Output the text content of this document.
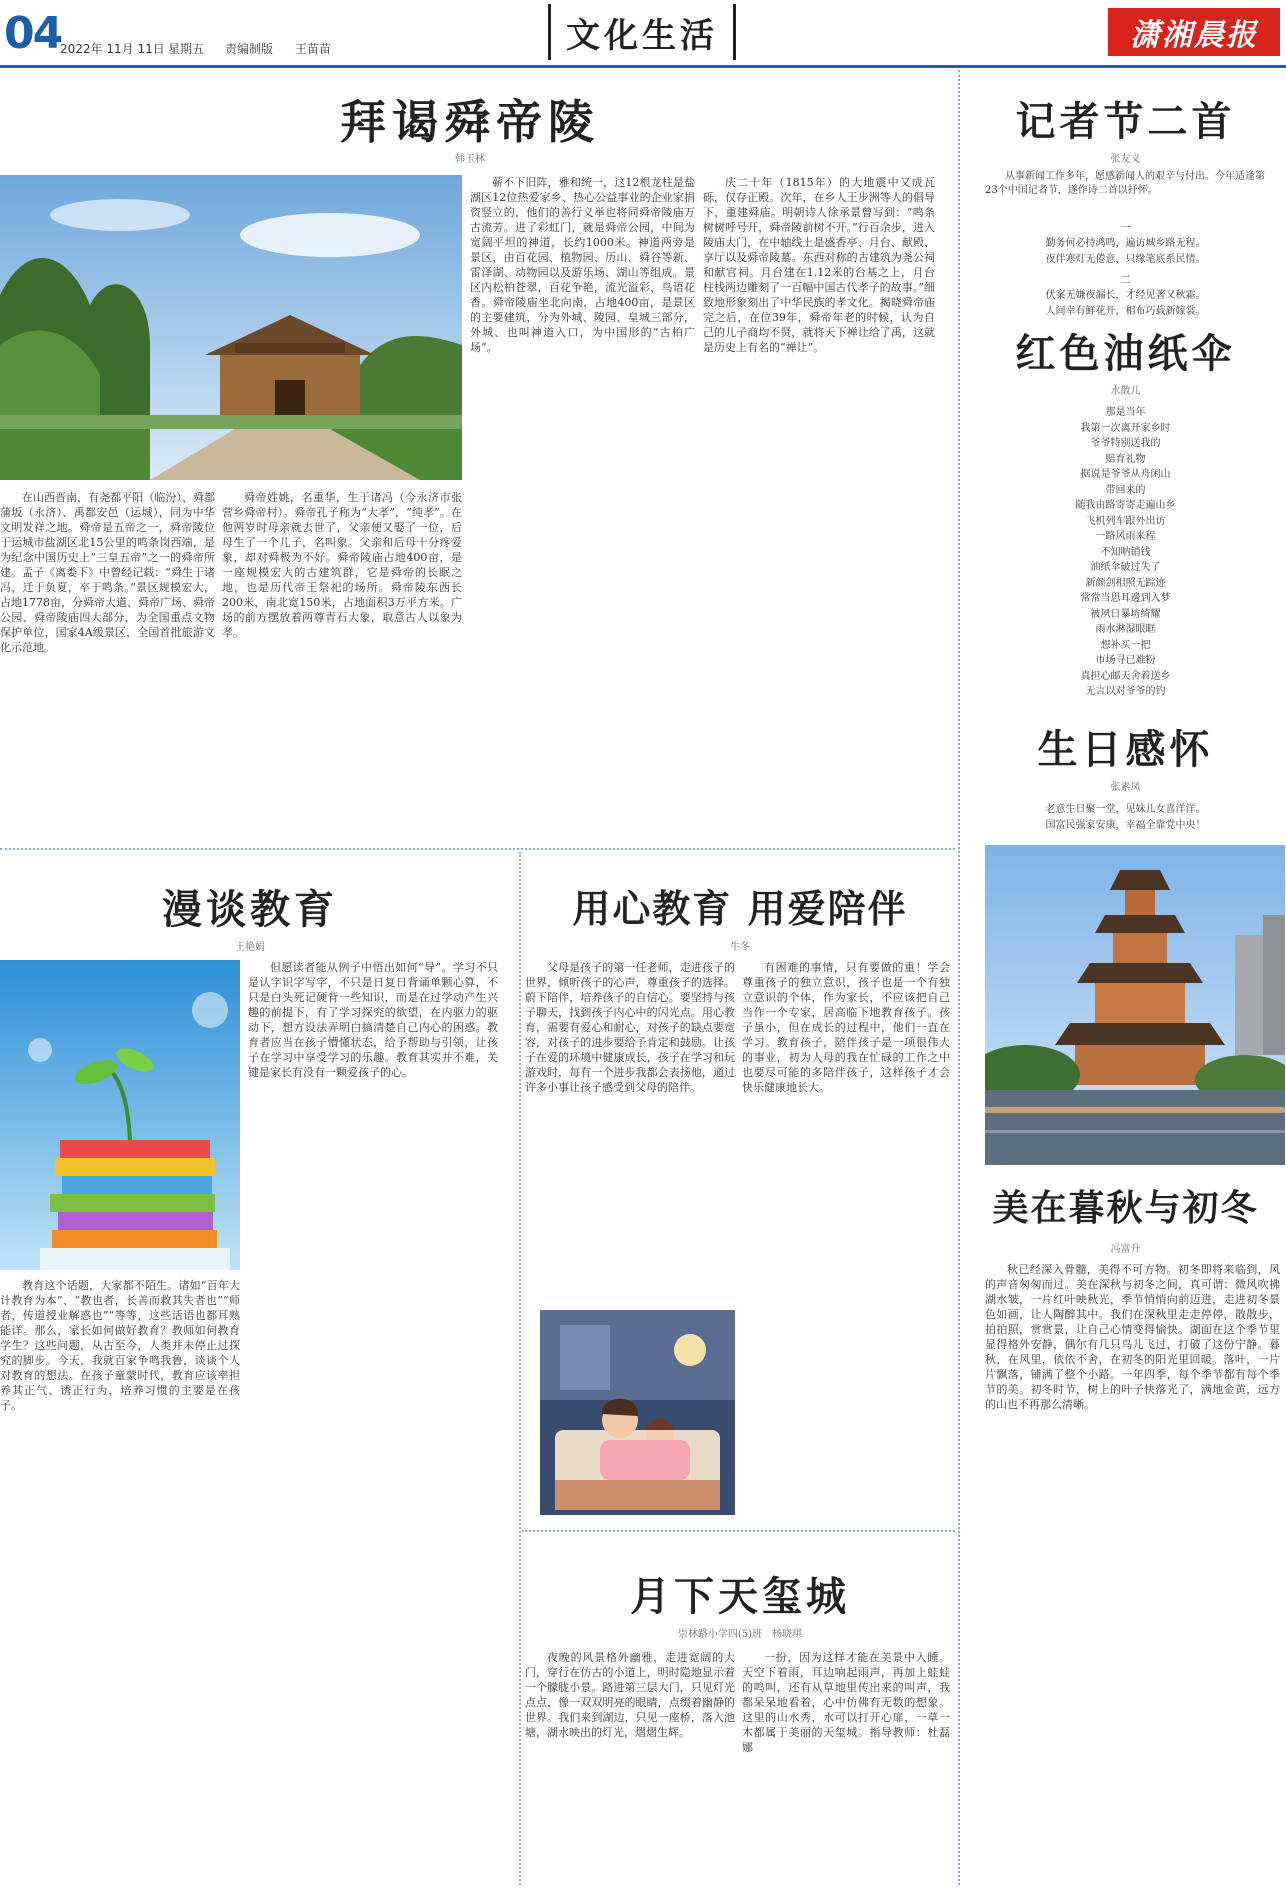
04
2022年 11月 11日 星期五 责编制版 王苗苗	文化生活	潇湘晨报
拜谒舜帝陵
韩玉林

在山西晋南，有尧都平阳（临汾）、舜都蒲坂（永济）、禹都安邑（运城），同为中华文明发祥之地。舜帝是五帝之一，舜帝陵位于运城市盐湖区北15公里的鸣条岗西端，是为纪念中国历史上“三皇五帝”之一的舜帝所建。孟子《离娄下》中曾经记载：“舜生于诸冯，迁于负夏，卒于鸣条。”景区规模宏大，占地1778亩，分舜帝大道、舜帝广场、舜帝公园、舜帝陵庙四大部分，为全国重点文物保护单位，国家4A级景区，全国首批旅游文化示范地。

舜帝姓姚，名重华，生于诸冯（今永济市张营乡舜帝村）。舜帝孔子称为“大孝”，“纯孝”。在他两岁时母亲就去世了，父亲便又娶了一位，后母生了一个儿子，名叫象。父亲和后母十分疼爱象，却对舜极为不好。舜帝陵庙占地400亩，是一座规模宏大的古建筑群，它是舜帝的长眠之地，也是历代帝王祭祀的场所。舜帝陵东西长200米，南北宽150米，占地面积3万平方米。广场的前方摆放着两尊青石大象，取意古人以象为孝。

蕲不下旧阵，雅和统一，这12根龙柱是盐湖区12位热爱家乡、热心公益事业的企业家捐资竖立的，他们的善行义举也将同舜帝陵庙万古流芳。进了彩虹门，就是舜帝公园，中间为宽阔平坦的神道，长约1000米。神道两旁是景区，由百花园、植物园、历山、舜谷等新、雷泽湖、动物园以及游乐场、湖山等组成。景区内松柏苍翠，百花争艳，流光溢彩，鸟语花香。舜帝陵庙坐北向南，占地400亩，是景区的主要建筑，分为外城、陵园、皇城三部分，外城、也叫神道入口，为中国形的“古柏广场”。

庆二十年（1815年）的大地震中又成瓦砾，仅存正殿。次年，在乡人王步洲等人的倡导下，重建舜庙。明朝诗人徐承景曾写到：“鸣条树树呼号开，舜帝陵前树不开。”行百余步，进入陵庙大门，在中轴线上是盛香亭、月台、献殿、享厅以及舜帝陵墓。东西对称的古建筑为尧公祠和献官祠。月台建在1.12米的台基之上，月台柱栈两边雕刻了一百幅中国古代孝子的故事。”细致地形象刻出了中华民族的孝文化。揭晓舜帝庙完之后，在位39年，舜帝年老的时候，认为自己的儿子商均不贤，就将天下禅让给了禹，这就是历史上有名的“禅让”。

记者节二首
张友义

从事新闻工作多年，愿感新闻人的艰辛与付出。今年适逢第23个中国记者节，遂作诗二首以抒怀。

一
勤务何必持鸿鸣，遍访城乡路无程。
夜伴寒灯无倦意，只缘笔底系民情。
二
伏案无嫌夜漏长，才经见著又秋霜。
人间幸有鲜花开，相布巧载新嫁裳。
红色油纸伞
水散儿
那是当年
我第一次离开家乡时
爷爷特别送我的
赔育礼物
据说是爷爷从舟闲山
带回来的
随我由路寄寄走遍山乡
飞机列车跟外出访
一路风雨来程
不知呐销钱
油纸伞破过失了
新颜剑相照无踪迹
常常当思耳邊到入梦
被夙日暴坊绮耀
雨水淋湿眼眶
想补买一把
市场寻已难粉
真担心邮天舍着送乡
无言以对爷爷的钓
生日感怀
张素凤
老意生日聚一堂，见妹儿女喜洋洋。
国富民强家安康，幸福全靠党中央！
美在暮秋与初冬
冯富升

秋已经深入骨髓，美得不可方物。初冬即将来临到，风的声音匆匆而过。美在深秋与初冬之间，真可谓：微风吹拂湖水皱，一片红叶映秋光，季节悄悄向前迈进，走进初冬景色如画，让人陶醉其中。我们在深秋里走走停停，散散步，拍拍照，赏赏景，让自己心情变得愉快。湖面在这个季节里显得格外安静，偶尔有几只鸟儿飞过，打破了这份宁静。暮秋，在风里，依依不舍，在初冬的阳光里回暖。落叶，一片片飘落，铺满了整个小路。一年四季，每个季节都有每个季节的美。初冬时节，树上的叶子快落光了，满地金黄，远方的山也不再那么清晰。

漫谈教育
王艳娟

教育这个话题，大家都不陌生。诸如“百年大计教育为本”、“教也者，长善而救其失者也”“师者，传道授业解惑也”“等等，这些话语也都耳熟能详。那么，家长如何做好教育？教师如何教育学生？这些问题，从古至今，人类并未停止过探究的脚步。今天，我就百家争鸣我鲁，谈谈个人对教育的想法。在孩子童蒙时代，教育应该率担养其正气、诱正行为，培养习惯的主要是在孩子。

但愿读者能从例子中悟出如何“导”。学习不只是认字识字写字，不只是日复日背诵单颗心算，不只是白头死记硬背一些知识，而是在过学动产生兴趣的前提下，有了学习探究的欲望，在内驱力的驱动下，想方设法弄明白搞清楚自己内心的困惑。教育者应当在孩子懵懂状态，给予帮助与引领，让孩子在学习中享受学习的乐趣。教育其实并不难，关键是家长有没有一颗爱孩子的心。

用心教育 用爱陪伴
牛冬

父母是孩子的第一任老师，走进孩子的世界，倾听孩子的心声，尊重孩子的选择。蔚下陪伴，培养孩子的自信心。要坚持与孩子聊天，找到孩子内心中的闪光点。用心教育，需要有爱心和耐心，对孩子的缺点要宽容，对孩子的进步要给予肯定和鼓励。让孩子在爱的环境中健康成长，孩子在学习和玩游戏时，每有一个进步我都会表扬他，通过许多小事让孩子感受到父母的陪伴。

有困难的事情，只有要做的重！学会尊重孩子的独立意识，孩子也是一个有独立意识的个体，作为家长，不应该把自己当作一个专家，居高临下地教育孩子。孩子虽小，但在成长的过程中，他们一直在学习。教育孩子，陪伴孩子是一项很伟大的事业，初为人母的我在忙碌的工作之中也要尽可能的多陪伴孩子，这样孩子才会快乐健康地长大。

月下天玺城
崇林路小学四(5)班　杨晓琪

夜晚的风景格外幽雅，走进宽阔的大门，穿行在仿古的小道上，明时隐地显示着一个朦胧小景。路进第三层大门，只见灯光点点，像一双双明亮的眼睛，点缀着幽静的世界。我们来到湖边，只见一座桥，落入池塘，湖水映出的灯光，熠熠生辉。

一扮，因为这样才能在美景中入睡。天空下着雨，耳边响起雨声，再加上蛙蛙的鸣叫，还有从草地里传出来的叫声，我都呆呆地看着，心中仿佛有无数的想象。这里的山水秀，水可以打开心扉，一草一木都属于美丽的天玺城。指导教师：杜磊娜
